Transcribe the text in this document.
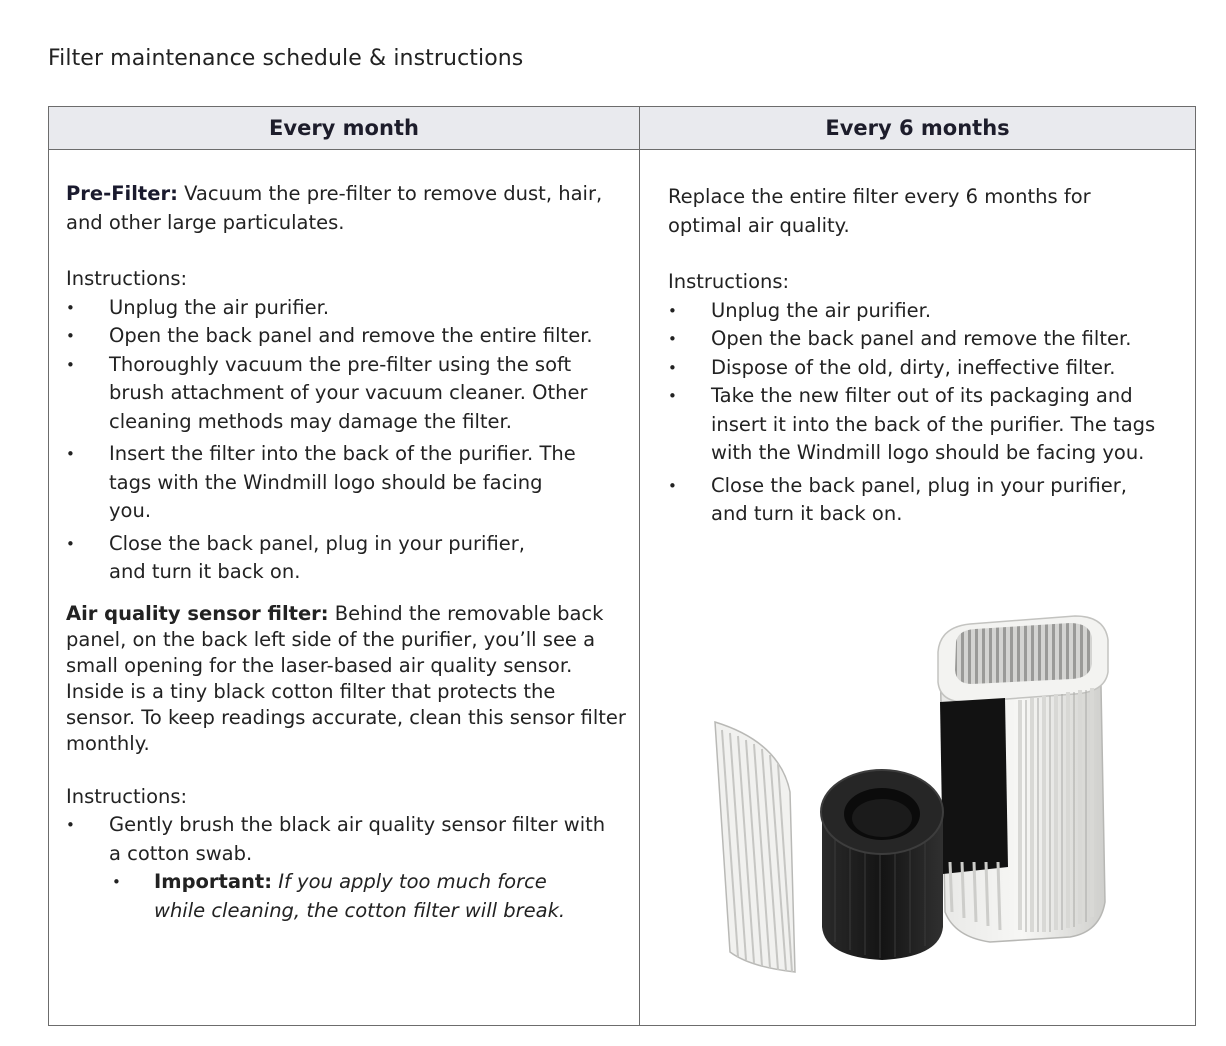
Filter maintenance schedule & instructions
Every month	Every 6 months

Pre-Filter: Vacuum the pre-filter to remove dust, hair, and other large particulates.

Instructions:

• Unplug the air purifier.
• Open the back panel and remove the entire filter.
• Thoroughly vacuum the pre-filter using the soft brush attachment of your vacuum cleaner. Other cleaning methods may damage the filter.
• Insert the filter into the back of the purifier. The tags with the Windmill logo should be facing you.
• Close the back panel, plug in your purifier, and turn it back on.

Air quality sensor filter: Behind the removable back panel, on the back left side of the purifier, you’ll see a small opening for the laser-based air quality sensor. Inside is a tiny black cotton filter that protects the sensor. To keep readings accurate, clean this sensor filter monthly.

Instructions:

• Gently brush the black air quality sensor filter with a cotton swab.
• Important: If you apply too much force while cleaning, the cotton filter will break.

Replace the entire filter every 6 months for optimal air quality.

Instructions:

• Unplug the air purifier.
• Open the back panel and remove the filter.
• Dispose of the old, dirty, ineffective filter.
• Take the new filter out of its packaging and insert it into the back of the purifier. The tags with the Windmill logo should be facing you.
• Close the back panel, plug in your purifier, and turn it back on.
